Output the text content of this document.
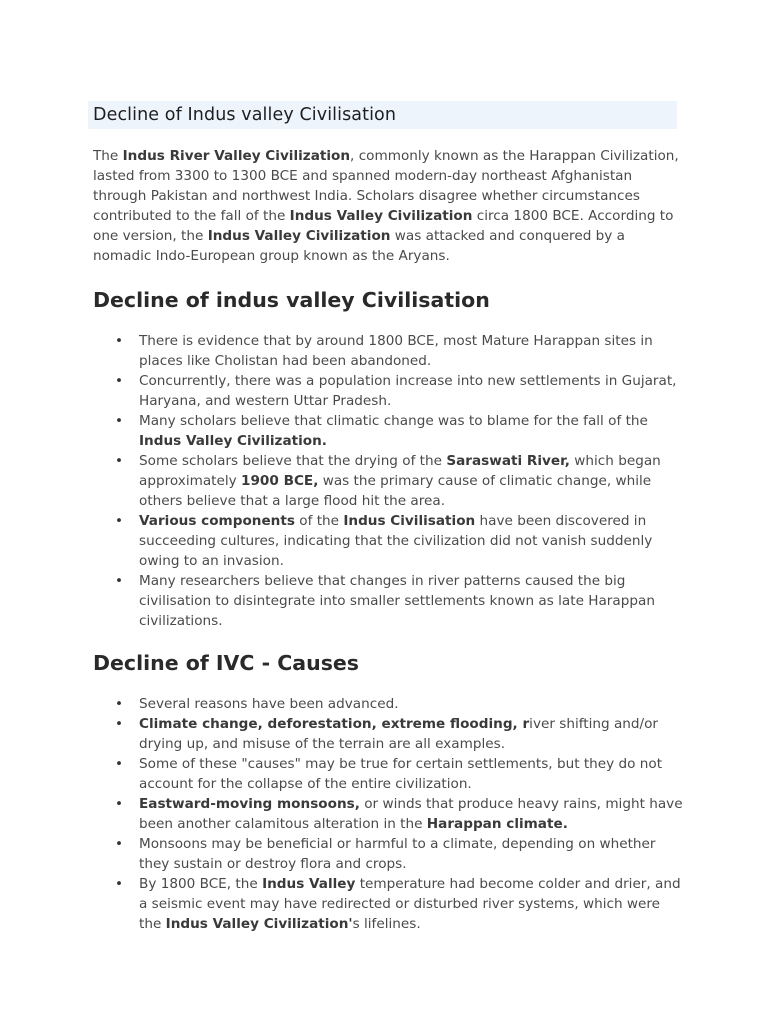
Decline of Indus valley Civilisation

The Indus River Valley Civilization, commonly known as the Harappan Civilization, lasted from 3300 to 1300 BCE and spanned modern-day northeast Afghanistan through Pakistan and northwest India. Scholars disagree whether circumstances contributed to the fall of the Indus Valley Civilization circa 1800 BCE. According to one version, the Indus Valley Civilization was attacked and conquered by a nomadic Indo-European group known as the Aryans.

Decline of indus valley Civilisation
• There is evidence that by around 1800 BCE, most Mature Harappan sites in places like Cholistan had been abandoned.
• Concurrently, there was a population increase into new settlements in Gujarat, Haryana, and western Uttar Pradesh.
• Many scholars believe that climatic change was to blame for the fall of the Indus Valley Civilization.
• Some scholars believe that the drying of the Saraswati River, which began approximately 1900 BCE, was the primary cause of climatic change, while others believe that a large flood hit the area.
• Various components of the Indus Civilisation have been discovered in succeeding cultures, indicating that the civilization did not vanish suddenly owing to an invasion.
• Many researchers believe that changes in river patterns caused the big civilisation to disintegrate into smaller settlements known as late Harappan civilizations.
Decline of IVC - Causes
• Several reasons have been advanced.
• Climate change, deforestation, extreme flooding, river shifting and/or drying up, and misuse of the terrain are all examples.
• Some of these "causes" may be true for certain settlements, but they do not account for the collapse of the entire civilization.
• Eastward-moving monsoons, or winds that produce heavy rains, might have been another calamitous alteration in the Harappan climate.
• Monsoons may be beneficial or harmful to a climate, depending on whether they sustain or destroy flora and crops.
• By 1800 BCE, the Indus Valley temperature had become colder and drier, and a seismic event may have redirected or disturbed river systems, which were the Indus Valley Civilization's lifelines.
